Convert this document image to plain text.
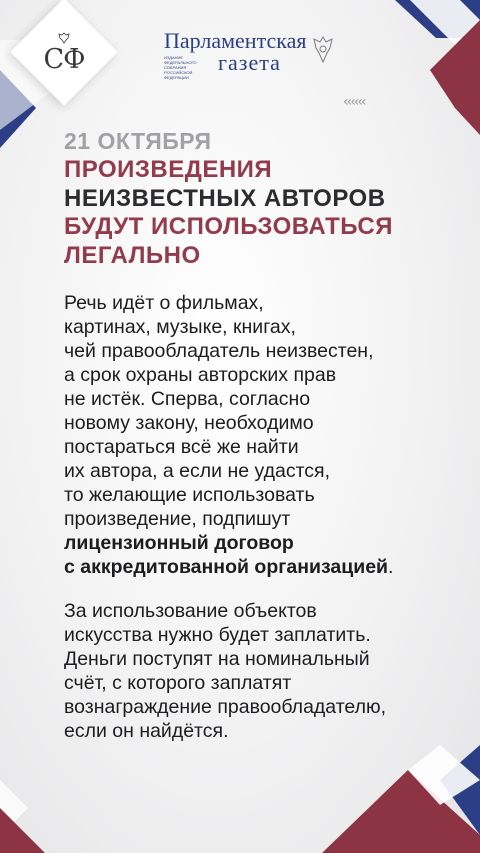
СФ
Парламентская
ИЗДАНИЕ ФЕДЕРАЛЬНОГО СОБРАНИЯ РОССИЙСКОЙ ФЕДЕРАЦИИ
газета
‹‹‹‹‹‹
21 ОКТЯБРЯ
ПРОИЗВЕДЕНИЯ
НЕИЗВЕСТНЫХ АВТОРОВ
БУДУТ ИСПОЛЬЗОВАТЬСЯ
ЛЕГАЛЬНО
Речь идёт о фильмах,
картинах, музыке, книгах,
чей правообладатель неизвестен,
а срок охраны авторских прав
не истёк. Сперва, согласно
новому закону, необходимо
постараться всё же найти
их автора, а если не удастся,
то желающие использовать
произведение, подпишут
лицензионный договор
с аккредитованной организацией.
За использование объектов
искусства нужно будет заплатить.
Деньги поступят на номинальный
счёт, с которого заплатят
вознаграждение правообладателю,
если он найдётся.
